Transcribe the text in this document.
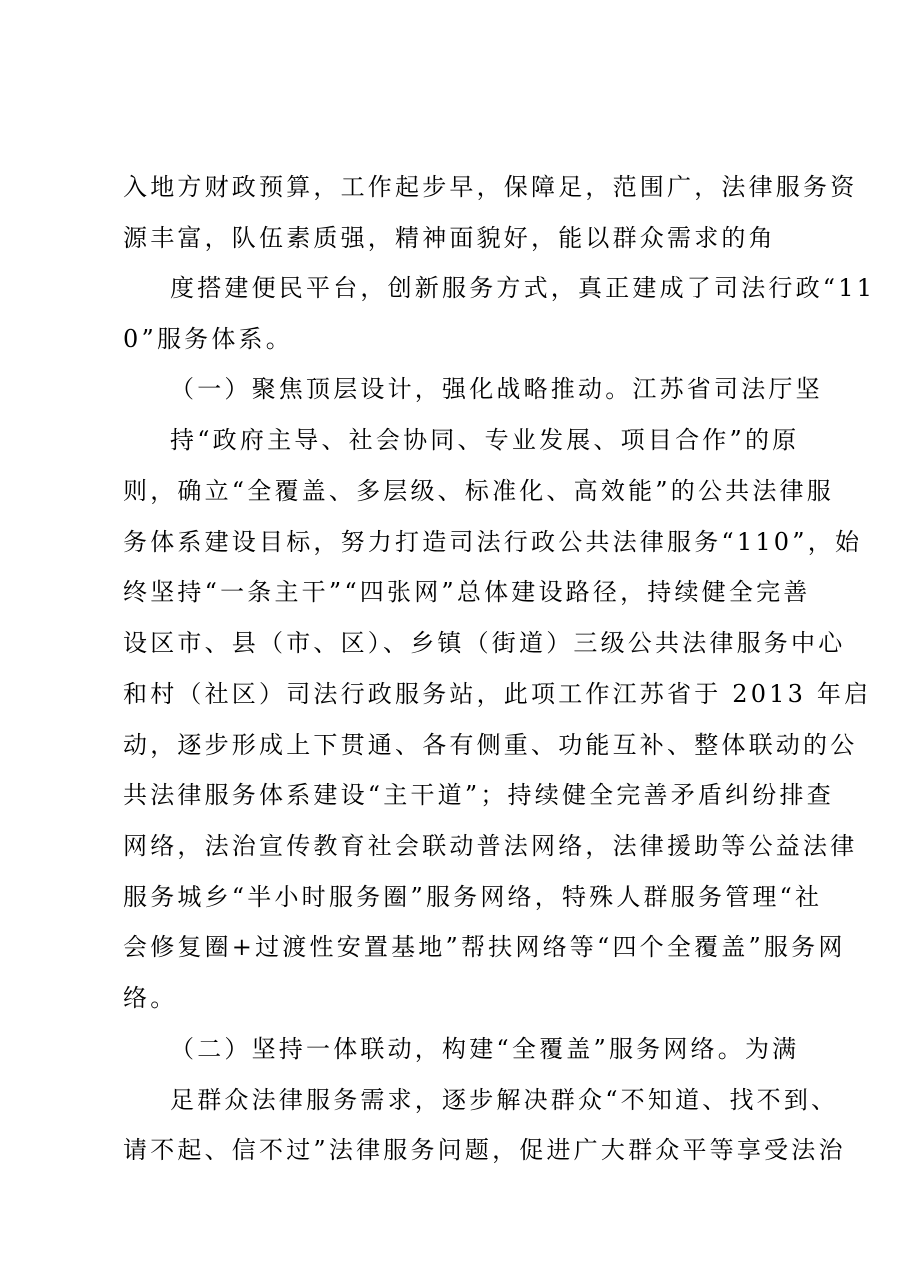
入地方财政预算，工作起步早，保障足，范围广，法律服务资
源丰富，队伍素质强，精神面貌好，能以群众需求的角
度搭建便民平台，创新服务方式，真正建成了司法行政“11
0”服务体系。
（一）聚焦顶层设计，强化战略推动。江苏省司法厅坚
持“政府主导、社会协同、专业发展、项目合作”的原
则，确立“全覆盖、多层级、标准化、高效能”的公共法律服
务体系建设目标，努力打造司法行政公共法律服务“110”，始
终坚持“一条主干”“四张网”总体建设路径，持续健全完善
设区市、县（市、区）、乡镇（街道）三级公共法律服务中心
和村（社区）司法行政服务站，此项工作江苏省于 2013 年启
动，逐步形成上下贯通、各有侧重、功能互补、整体联动的公
共法律服务体系建设“主干道”；持续健全完善矛盾纠纷排查
网络，法治宣传教育社会联动普法网络，法律援助等公益法律
服务城乡“半小时服务圈”服务网络，特殊人群服务管理“社
会修复圈+过渡性安置基地”帮扶网络等“四个全覆盖”服务网
络。
（二）坚持一体联动，构建“全覆盖”服务网络。为满
足群众法律服务需求，逐步解决群众“不知道、找不到、
请不起、信不过”法律服务问题，促进广大群众平等享受法治
